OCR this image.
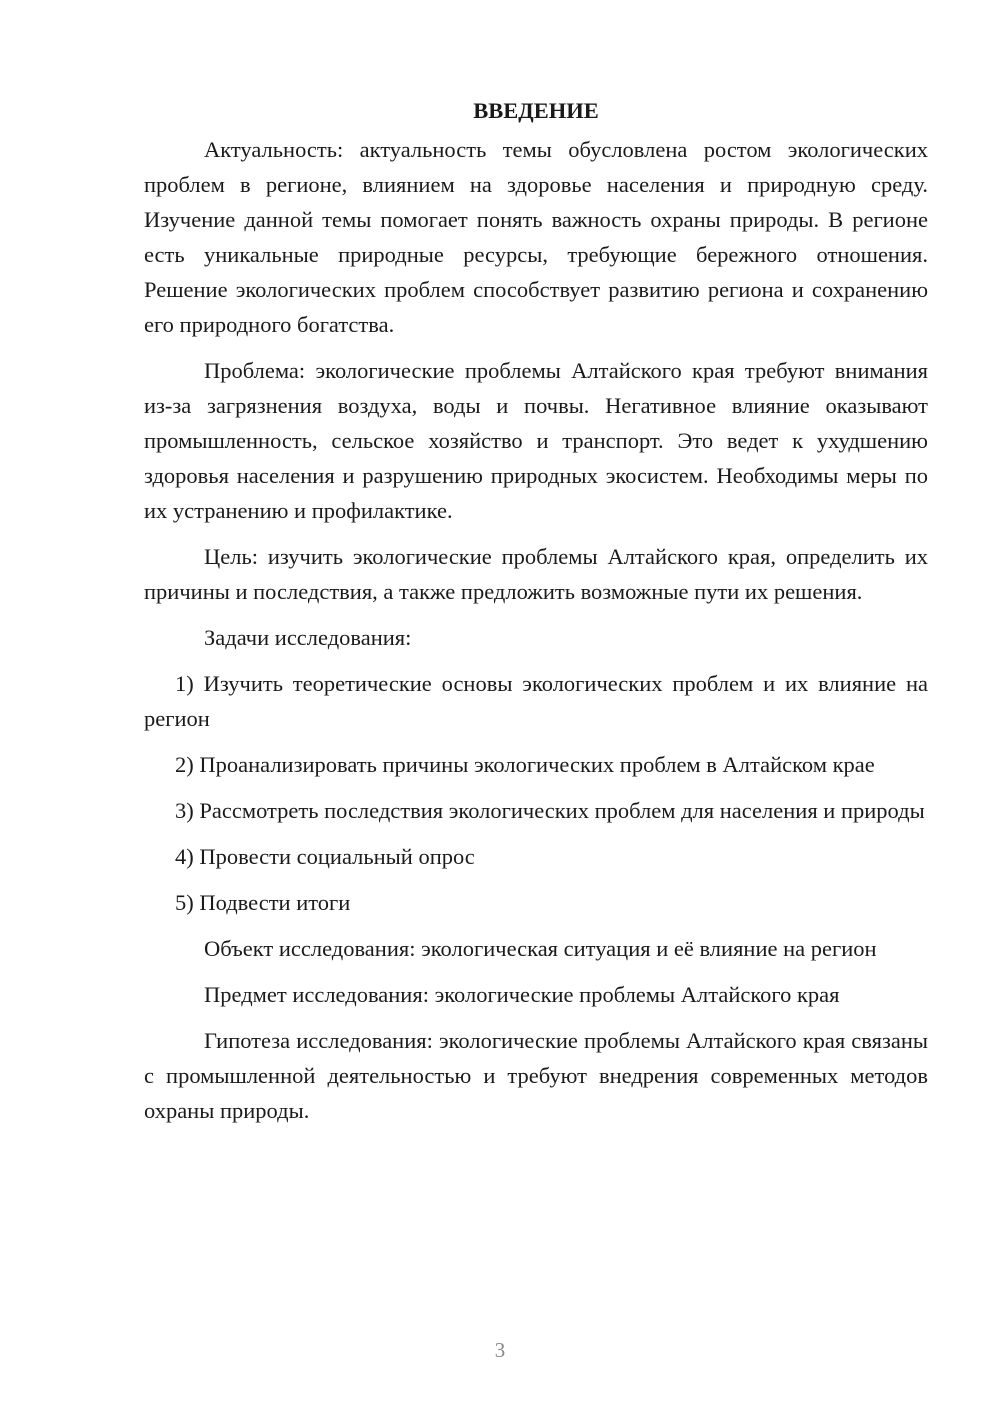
ВВЕДЕНИЕ

Актуальность: актуальность темы обусловлена ростом экологических проблем в регионе, влиянием на здоровье населения и природную среду. Изучение данной темы помогает понять важность охраны природы. В регионе есть уникальные природные ресурсы, требующие бережного отношения. Решение экологических проблем способствует развитию региона и сохранению его природного богатства.

Проблема: экологические проблемы Алтайского края требуют внимания из-за загрязнения воздуха, воды и почвы. Негативное влияние оказывают промышленность, сельское хозяйство и транспорт. Это ведет к ухудшению здоровья населения и разрушению природных экосистем. Необходимы меры по их устранению и профилактике.

Цель: изучить экологические проблемы Алтайского края, определить их причины и последствия, а также предложить возможные пути их решения.

Задачи исследования:

1) Изучить теоретические основы экологических проблем и их влияние на регион

2) Проанализировать причины экологических проблем в Алтайском крае

3) Рассмотреть последствия экологических проблем для населения и природы

4) Провести социальный опрос

5) Подвести итоги

Объект исследования: экологическая ситуация и её влияние на регион

Предмет исследования: экологические проблемы Алтайского края

Гипотеза исследования: экологические проблемы Алтайского края связаны с промышленной деятельностью и требуют внедрения современных методов охраны природы.

3
